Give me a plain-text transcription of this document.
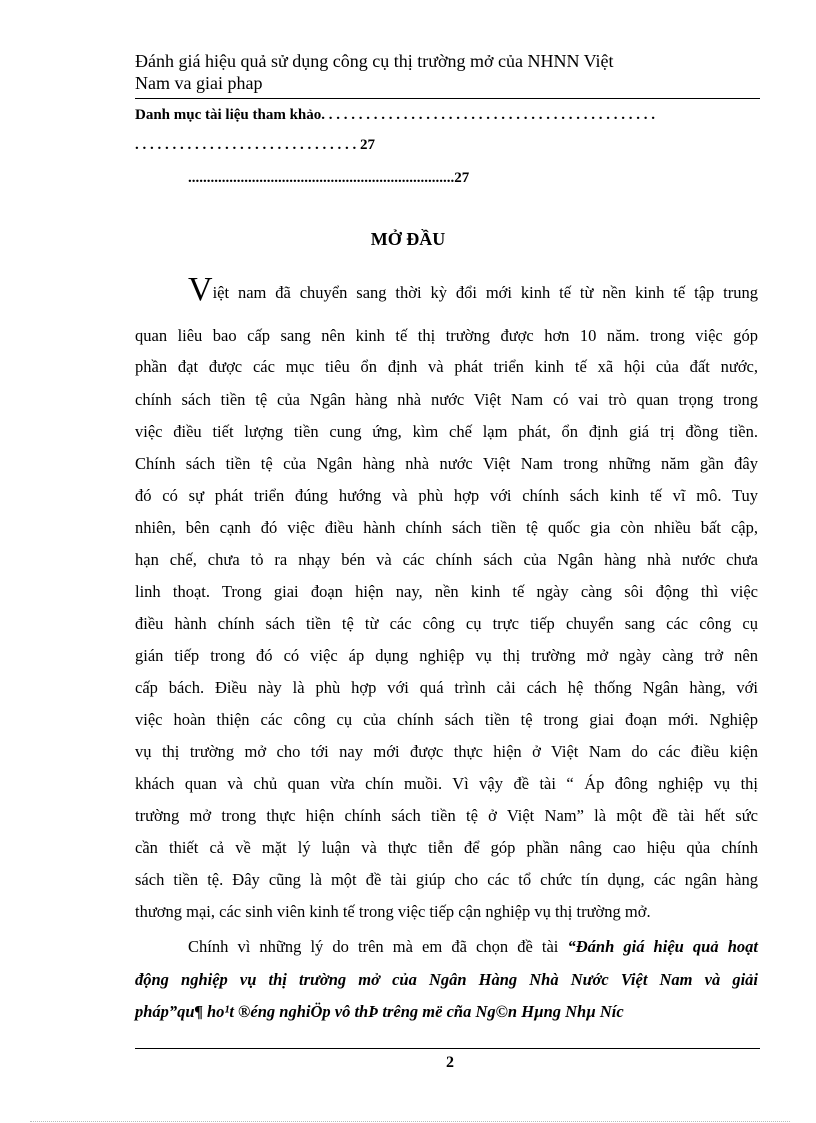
Đánh giá hiệu quả sử dụng công cụ thị trường mở của NHNN Việt
Nam va giai phap
Danh mục tài liệu tham khảo. . . . . . . . . . . . . . . . . . . . . . . . . . . . . . . . . . . . . . . . . . . . .
. . . . . . . . . . . . . . . . . . . . . . . . . . . . . . 27
.......................................................................27
MỞ ĐẦU
Việt nam đã chuyển sang thời kỳ đổi mới kinh tế từ nền kinh tế tập trung
quan liêu bao cấp sang nên kinh tế thị trường được hơn 10 năm. trong việc góp
phần đạt được các mục tiêu ổn định và phát triển kinh tế xã hội của đất nước,
chính sách tiền tệ của Ngân hàng nhà nước Việt Nam có vai trò quan trọng trong
việc điều tiết lượng tiền cung ứng, kìm chế lạm phát, ổn định giá trị đồng tiền.
Chính sách tiền tệ của Ngân hàng nhà nước Việt Nam trong những năm gần đây
đó có sự phát triển đúng hướng và phù hợp với chính sách kinh tế vĩ mô. Tuy
nhiên, bên cạnh đó việc điều hành chính sách tiền tệ quốc gia còn nhiều bất cập,
hạn chế, chưa tỏ ra nhạy bén và các chính sách của Ngân hàng nhà nước chưa
linh thoạt. Trong giai đoạn hiện nay, nền kinh tế ngày càng sôi động thì việc
điều hành chính sách tiền tệ từ các công cụ trực tiếp chuyển sang các công cụ
gián tiếp trong đó có việc áp dụng nghiệp vụ thị trường mở ngày càng trở nên
cấp bách. Điều này là phù hợp với quá trình cải cách hệ thống Ngân hàng, với
việc hoàn thiện các công cụ của chính sách tiền tệ trong giai đoạn mới. Nghiệp
vụ thị trường mở cho tới nay mới được thực hiện ở Việt Nam do các điều kiện
khách quan và chủ quan vừa chín muồi. Vì vậy đề tài “ Áp đông nghiệp vụ thị
trường mở trong thực hiện chính sách tiền tệ ở Việt Nam” là một đề tài hết sức
cần thiết cả về mặt lý luận và thực tiễn để góp phần nâng cao hiệu qủa chính
sách tiền tệ. Đây cũng là một đề tài giúp cho các tổ chức tín dụng, các ngân hàng
thương mại, các sinh viên kinh tế trong việc tiếp cận nghiệp vụ thị trường mở.
Chính vì những lý do trên mà em đã chọn đề tài “Đánh giá hiệu quả hoạt
động nghiệp vụ thị trường mở của Ngân Hàng Nhà Nước Việt Nam và giải
pháp”qu¶ ho¹t ®éng nghiÖp vô thÞ trêng më cña Ng©n Hµng Nhµ Níc
2
